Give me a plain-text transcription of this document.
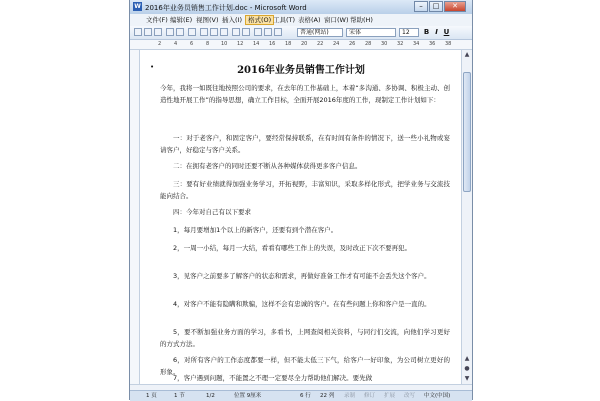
W 2016年业务员销售工作计划.doc - Microsoft Word	–	□	✕
文件(F) 编辑(E) 视图(V) 插入(I) 格式(O) 工具(T) 表格(A) 窗口(W) 帮助(H)
普通(网站)	宋体	12	B I U
2	4	6	8 10 12 14 16 18 20 22 24 26 28 30 32 34 36 38
•	2016年业务员销售工作计划
今年，我将一如既往地按照公司的要求，在去年的工作基础上，本着“多沟通、多协调、积极主动、创造性地开展工作”的指导思想，确立工作目标，全面开展2016年度的工作，现制定工作计划如下：
一：对于老客户，和固定客户，要经常保持联系，在有时间有条件的情况下，送一些小礼物或宴请客户，好稳定与客户关系。
二：在拥有老客户的同时还要不断从各种媒体获得更多客户信息。
三：要有好业绩就得加强业务学习，开拓视野，丰富知识，采取多样化形式，把学业务与交流技能向结合。
四：今年对自己有以下要求
1，每月要增加1个以上的新客户，还要有到个潜在客户。
2，一周一小结，每月一大结，看看有哪些工作上的失误，及时改正下次不要再犯。
3，见客户之前要多了解客户的状态和需求，再做好准备工作才有可能不会丢失这个客户。
4，对客户不能有隐瞒和欺骗，这样不会有忠诚的客户。在有些问题上你和客户是一直的。
5，要不断加强业务方面的学习，多看书，上网查阅相关资料，与同行们交流，向他们学习更好的方式方法。
6，对所有客户的工作态度都要一样，但不能太低三下气，给客户一好印象，为公司树立更好的形象。
7，客户遇到问题，不能置之不理一定要尽全力帮助他们解决。要先做
▲
▲
●
▼
1 页	1 节	1/2	位置 9厘米	6 行 22 列 录制 修订 扩展 改写 中文(中国)
